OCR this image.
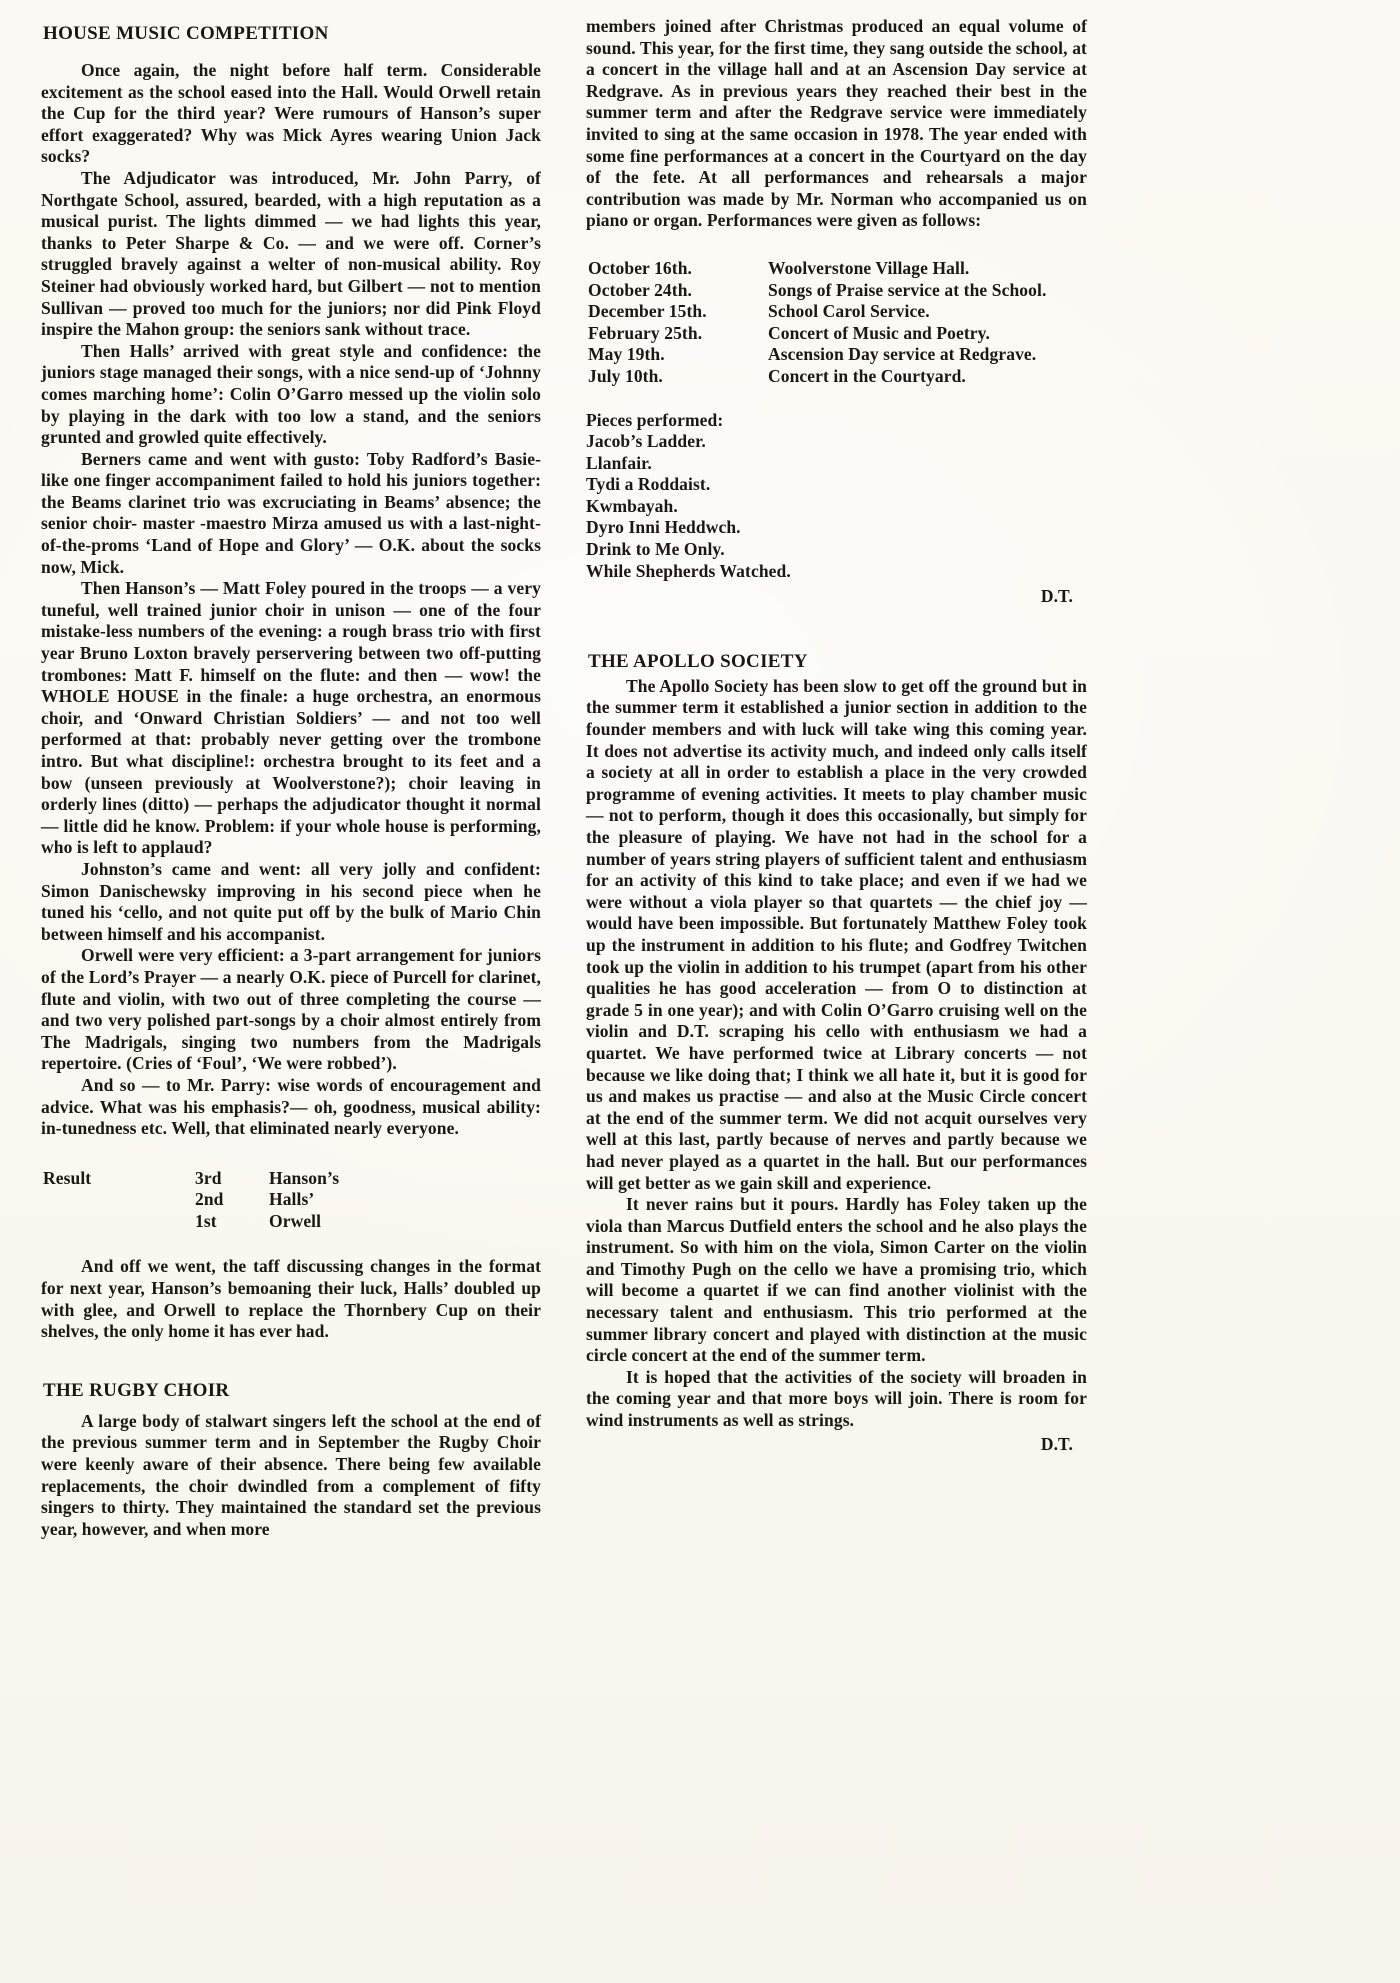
HOUSE MUSIC COMPETITION

Once again, the night before half term. Considerable excitement as the school eased into the Hall. Would Orwell retain the Cup for the third year? Were rumours of Hanson’s super effort exaggerated? Why was Mick Ayres wearing Union Jack socks?

The Adjudicator was introduced, Mr. John Parry, of Northgate School, assured, bearded, with a high reputation as a musical purist. The lights dimmed — we had lights this year, thanks to Peter Sharpe & Co. — and we were off. Corner’s struggled bravely against a welter of non-musical ability. Roy Steiner had obviously worked hard, but Gilbert — not to mention Sullivan — proved too much for the juniors; nor did Pink Floyd inspire the Mahon group: the seniors sank without trace.

Then Halls’ arrived with great style and confidence: the juniors stage managed their songs, with a nice send-up of ‘Johnny comes marching home’: Colin O’Garro messed up the violin solo by playing in the dark with too low a stand, and the seniors grunted and growled quite effectively.

Berners came and went with gusto: Toby Radford’s Basie-like one finger accompaniment failed to hold his juniors together: the Beams clarinet trio was excruciating in Beams’ absence; the senior choir- master -maestro Mirza amused us with a last-night-of-the-proms ‘Land of Hope and Glory’ — O.K. about the socks now, Mick.

Then Hanson’s — Matt Foley poured in the troops — a very tuneful, well trained junior choir in unison — one of the four mistake-less numbers of the evening: a rough brass trio with first year Bruno Loxton bravely perservering between two off-putting trombones: Matt F. himself on the flute: and then — wow! the WHOLE HOUSE in the finale: a huge orchestra, an enormous choir, and ‘Onward Christian Soldiers’ — and not too well performed at that: probably never getting over the trombone intro. But what discipline!: orchestra brought to its feet and a bow (unseen previously at Woolverstone?); choir leaving in orderly lines (ditto) — perhaps the adjudicator thought it normal — little did he know. Problem: if your whole house is performing, who is left to applaud?

Johnston’s came and went: all very jolly and confident: Simon Danischewsky improving in his second piece when he tuned his ‘cello, and not quite put off by the bulk of Mario Chin between himself and his accompanist.

Orwell were very efficient: a 3-part arrangement for juniors of the Lord’s Prayer — a nearly O.K. piece of Purcell for clarinet, flute and violin, with two out of three completing the course — and two very polished part-songs by a choir almost entirely from The Madrigals, singing two numbers from the Madrigals repertoire. (Cries of ‘Foul’, ‘We were robbed’).

And so — to Mr. Parry: wise words of encouragement and advice. What was his emphasis?— oh, goodness, musical ability: in-tunedness etc. Well, that eliminated nearly everyone.

Result	3rd	Hanson’s
2nd	Halls’
1st	Orwell

And off we went, the taff discussing changes in the format for next year, Hanson’s bemoaning their luck, Halls’ doubled up with glee, and Orwell to replace the Thornbery Cup on their shelves, the only home it has ever had.

THE RUGBY CHOIR

A large body of stalwart singers left the school at the end of the previous summer term and in September the Rugby Choir were keenly aware of their absence. There being few available replacements, the choir dwindled from a complement of fifty singers to thirty. They maintained the standard set the previous year, however, and when more

members joined after Christmas produced an equal volume of sound. This year, for the first time, they sang outside the school, at a concert in the village hall and at an Ascension Day service at Redgrave. As in previous years they reached their best in the summer term and after the Redgrave service were immediately invited to sing at the same occasion in 1978. The year ended with some fine performances at a concert in the Courtyard on the day of the fete. At all performances and rehearsals a major contribution was made by Mr. Norman who accompanied us on piano or organ. Performances were given as follows:

October 16th.	Woolverstone Village Hall.
October 24th.	Songs of Praise service at the School.
December 15th.	School Carol Service.
February 25th.	Concert of Music and Poetry.
May 19th.	Ascension Day service at Redgrave.
July 10th.	Concert in the Courtyard.
Pieces performed:
Jacob’s Ladder.
Llanfair.
Tydi a Roddaist.
Kwmbayah.
Dyro Inni Heddwch.
Drink to Me Only.
While Shepherds Watched.
D.T.
THE APOLLO SOCIETY

The Apollo Society has been slow to get off the ground but in the summer term it established a junior section in addition to the founder members and with luck will take wing this coming year. It does not advertise its activity much, and indeed only calls itself a society at all in order to establish a place in the very crowded programme of evening activities. It meets to play chamber music — not to perform, though it does this occasionally, but simply for the pleasure of playing. We have not had in the school for a number of years string players of sufficient talent and enthusiasm for an activity of this kind to take place; and even if we had we were without a viola player so that quartets — the chief joy — would have been impossible. But fortunately Matthew Foley took up the instrument in addition to his flute; and Godfrey Twitchen took up the violin in addition to his trumpet (apart from his other qualities he has good acceleration — from O to distinction at grade 5 in one year); and with Colin O’Garro cruising well on the violin and D.T. scraping his cello with enthusiasm we had a quartet. We have performed twice at Library concerts — not because we like doing that; I think we all hate it, but it is good for us and makes us practise — and also at the Music Circle concert at the end of the summer term. We did not acquit ourselves very well at this last, partly because of nerves and partly because we had never played as a quartet in the hall. But our performances will get better as we gain skill and experience.

It never rains but it pours. Hardly has Foley taken up the viola than Marcus Dutfield enters the school and he also plays the instrument. So with him on the viola, Simon Carter on the violin and Timothy Pugh on the cello we have a promising trio, which will become a quartet if we can find another violinist with the necessary talent and enthusiasm. This trio performed at the summer library concert and played with distinction at the music circle concert at the end of the summer term.

It is hoped that the activities of the society will broaden in the coming year and that more boys will join. There is room for wind instruments as well as strings.

D.T.
